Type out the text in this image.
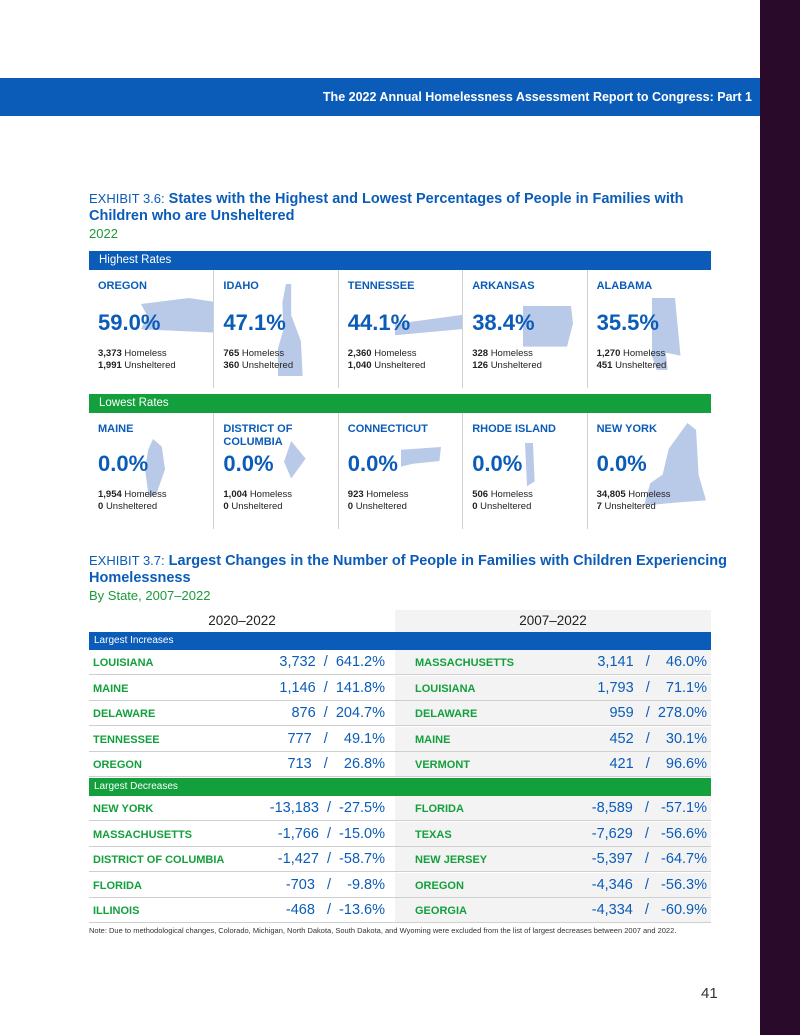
The 2022 Annual Homelessness Assessment Report to Congress: Part 1
EXHIBIT 3.6: States with the Highest and Lowest Percentages of People in Families with Children who are Unsheltered
2022
Highest Rates
OREGON
59.0%
3,373 Homeless
1,991 Unsheltered
IDAHO
47.1%
765 Homeless
360 Unsheltered
TENNESSEE
44.1%
2,360 Homeless
1,040 Unsheltered
ARKANSAS
38.4%
328 Homeless
126 Unsheltered
ALABAMA
35.5%
1,270 Homeless
451 Unsheltered
Lowest Rates
MAINE
0.0%
1,954 Homeless
0 Unsheltered
DISTRICT OF COLUMBIA
0.0%
1,004 Homeless
0 Unsheltered
CONNECTICUT
0.0%
923 Homeless
0 Unsheltered
RHODE ISLAND
0.0%
506 Homeless
0 Unsheltered
NEW YORK
0.0%
34,805 Homeless
7 Unsheltered
EXHIBIT 3.7: Largest Changes in the Number of People in Families with Children Experiencing Homelessness
By State, 2007–2022
2020–2022	2007–2022
Largest Increases
LOUISIANA	3,732  /  641.2%	MASSACHUSETTS	3,141   /    46.0%
MAINE	1,146  /  141.8%	LOUISIANA	1,793   /    71.1%
DELAWARE	876  /  204.7%	DELAWARE	959   /  278.0%
TENNESSEE	777   /    49.1%	MAINE	452   /    30.1%
OREGON	713   /    26.8%	VERMONT	421   /    96.6%
Largest Decreases
NEW YORK	-13,183  /  -27.5%	FLORIDA	-8,589   /   -57.1%
MASSACHUSETTS	-1,766  /  -15.0%	TEXAS	-7,629   /   -56.6%
DISTRICT OF COLUMBIA	-1,427  /  -58.7%	NEW JERSEY	-5,397   /   -64.7%
FLORIDA	-703   /    -9.8%	OREGON	-4,346   /   -56.3%
ILLINOIS	-468   /  -13.6%	GEORGIA	-4,334   /   -60.9%
Note: Due to methodological changes, Colorado, Michigan, North Dakota, South Dakota, and Wyoming were excluded from the list of largest decreases between 2007 and 2022.
41
